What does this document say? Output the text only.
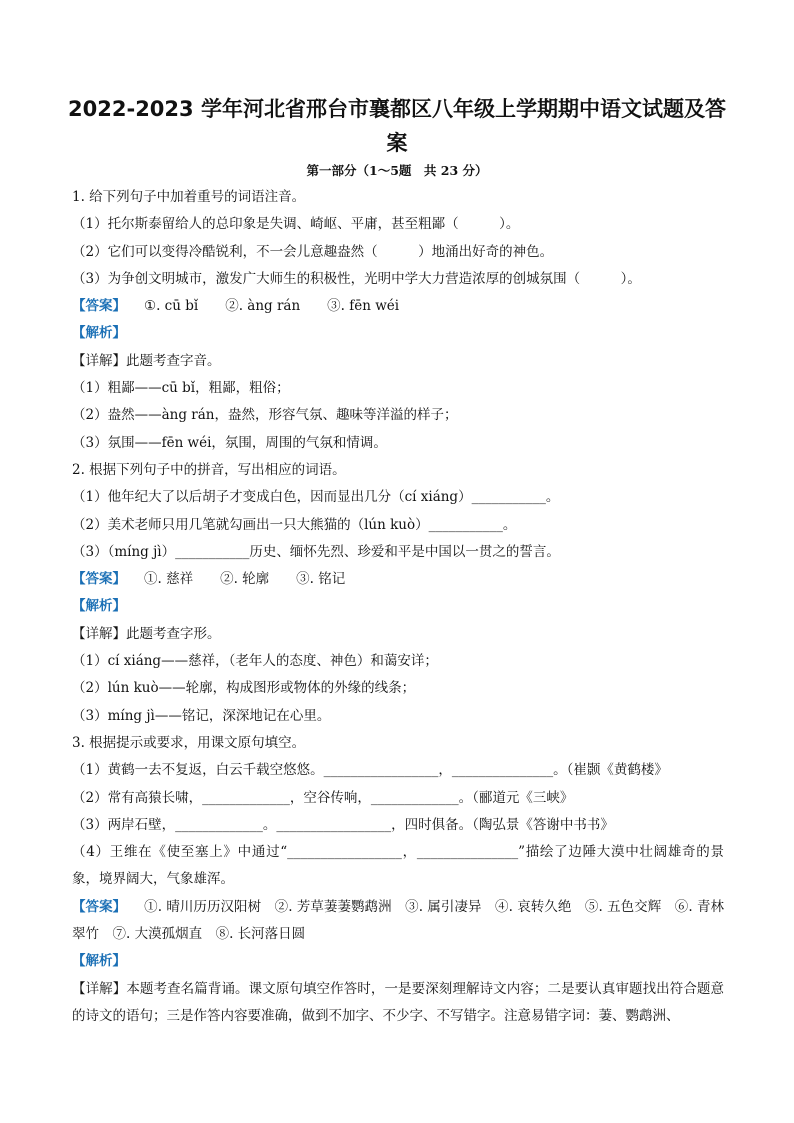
2022-2023 学年河北省邢台市襄都区八年级上学期期中语文试题及答案
第一部分（1～5题　共 23 分）
1. 给下列句子中加着重号的词语注音。
（1）托尔斯泰留给人的总印象是失调、崎岖、平庸，甚至粗鄙（　　　）。
（2）它们可以变得冷酷锐利，不一会儿意趣盎然（　　　）地涌出好奇的神色。
（3）为争创文明城市，激发广大师生的积极性，光明中学大力营造浓厚的创城氛围（　　　）。
【答案】 ①. cū bǐ　　②. àng rán　　③. fēn wéi
【解析】
【详解】此题考查字音。
（1）粗鄙——cū bǐ，粗鄙，粗俗；
（2）盎然——àng rán，盎然，形容气氛、趣味等洋溢的样子；
（3）氛围——fēn wéi，氛围，周围的气氛和情调。
2. 根据下列句子中的拼音，写出相应的词语。
（1）他年纪大了以后胡子才变成白色，因而显出几分（cí xiáng）___________。
（2）美术老师只用几笔就勾画出一只大熊猫的（lún kuò）___________。
（3）（míng jì）___________历史、缅怀先烈、珍爱和平是中国以一贯之的誓言。
【答案】 ①. 慈祥　　②. 轮廓　　③. 铭记
【解析】
【详解】此题考查字形。
（1）cí xiáng——慈祥，（老年人的态度、神色）和蔼安详；
（2）lún kuò——轮廓，构成图形或物体的外缘的线条；
（3）míng jì——铭记，深深地记在心里。
3. 根据提示或要求，用课文原句填空。
（1）黄鹤一去不复返，白云千载空悠悠。_________________，_______________。（崔颢《黄鹤楼》
（2）常有高猿长啸，_____________，空谷传响，_____________。（郦道元《三峡》
（3）两岸石壁，_____________。_________________，四时俱备。（陶弘景《答谢中书书》
（4）王维在《使至塞上》中通过“_________________，_______________”描绘了边陲大漠中壮阔雄奇的景象，境界阔大，气象雄浑。
【答案】 ①. 晴川历历汉阳树　②. 芳草萋萋鹦鹉洲　③. 属引凄异　④. 哀转久绝　⑤. 五色交辉　⑥. 青林翠竹　⑦. 大漠孤烟直　⑧. 长河落日圆
【解析】
【详解】本题考查名篇背诵。课文原句填空作答时，一是要深刻理解诗文内容；二是要认真审题找出符合题意的诗文的语句；三是作答内容要准确，做到不加字、不少字、不写错字。注意易错字词：萋、鹦鹉洲、
